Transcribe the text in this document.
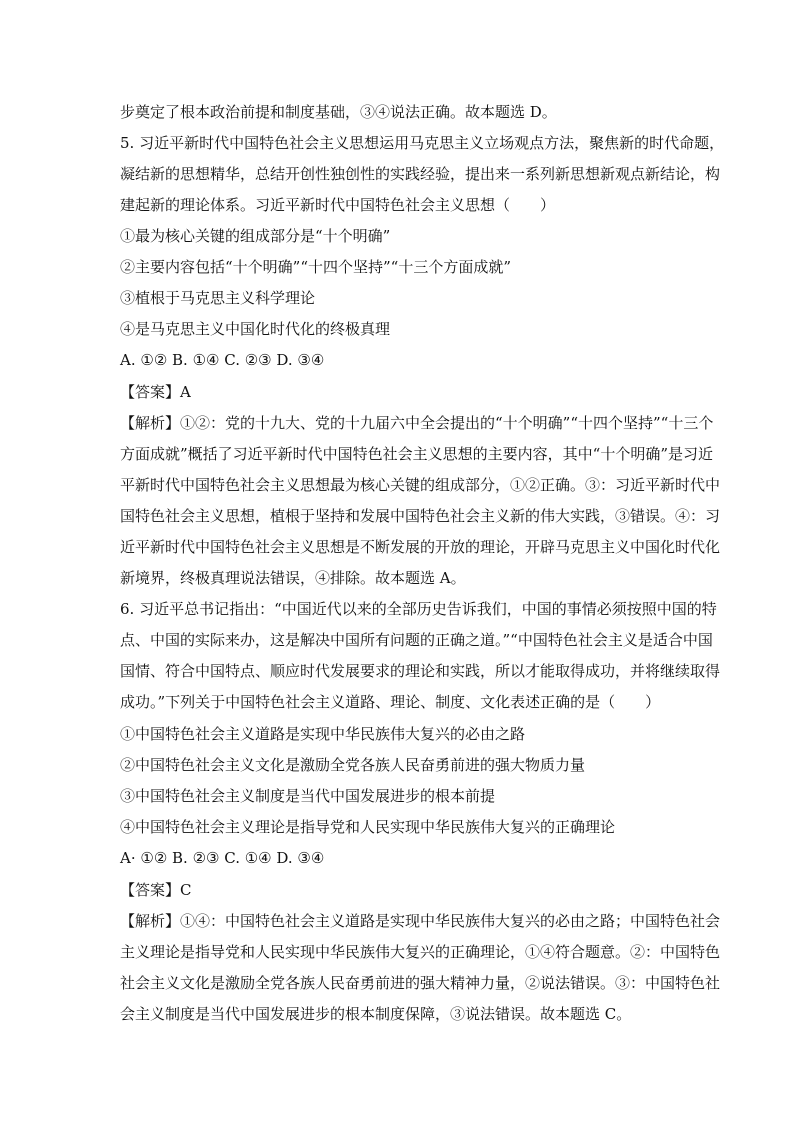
步奠定了根本政治前提和制度基础，③④说法正确。故本题选 D。
5. 习近平新时代中国特色社会主义思想运用马克思主义立场观点方法，聚焦新的时代命题，
凝结新的思想精华，总结开创性独创性的实践经验，提出来一系列新思想新观点新结论，构
建起新的理论体系。习近平新时代中国特色社会主义思想（　　）
①最为核心关键的组成部分是“十个明确”
②主要内容包括“十个明确”“十四个坚持”“十三个方面成就”
③植根于马克思主义科学理论
④是马克思主义中国化时代化的终极真理
A. ①② B. ①④ C. ②③ D. ③④
【答案】A
【解析】①②：党的十九大、党的十九届六中全会提出的“十个明确”“十四个坚持”“十三个
方面成就”概括了习近平新时代中国特色社会主义思想的主要内容，其中“十个明确”是习近
平新时代中国特色社会主义思想最为核心关键的组成部分，①②正确。③：习近平新时代中
国特色社会主义思想，植根于坚持和发展中国特色社会主义新的伟大实践，③错误。④：习
近平新时代中国特色社会主义思想是不断发展的开放的理论，开辟马克思主义中国化时代化
新境界，终极真理说法错误，④排除。故本题选 A。
6. 习近平总书记指出：“中国近代以来的全部历史告诉我们，中国的事情必须按照中国的特
点、中国的实际来办，这是解决中国所有问题的正确之道。”“中国特色社会主义是适合中国
国情、符合中国特点、顺应时代发展要求的理论和实践，所以才能取得成功，并将继续取得
成功。”下列关于中国特色社会主义道路、理论、制度、文化表述正确的是（　　）
①中国特色社会主义道路是实现中华民族伟大复兴的必由之路
②中国特色社会主义文化是激励全党各族人民奋勇前进的强大物质力量
③中国特色社会主义制度是当代中国发展进步的根本前提
④中国特色社会主义理论是指导党和人民实现中华民族伟大复兴的正确理论
A· ①② B. ②③ C. ①④ D. ③④
【答案】C
【解析】①④：中国特色社会主义道路是实现中华民族伟大复兴的必由之路；中国特色社会
主义理论是指导党和人民实现中华民族伟大复兴的正确理论，①④符合题意。②：中国特色
社会主义文化是激励全党各族人民奋勇前进的强大精神力量，②说法错误。③：中国特色社
会主义制度是当代中国发展进步的根本制度保障，③说法错误。故本题选 C。
